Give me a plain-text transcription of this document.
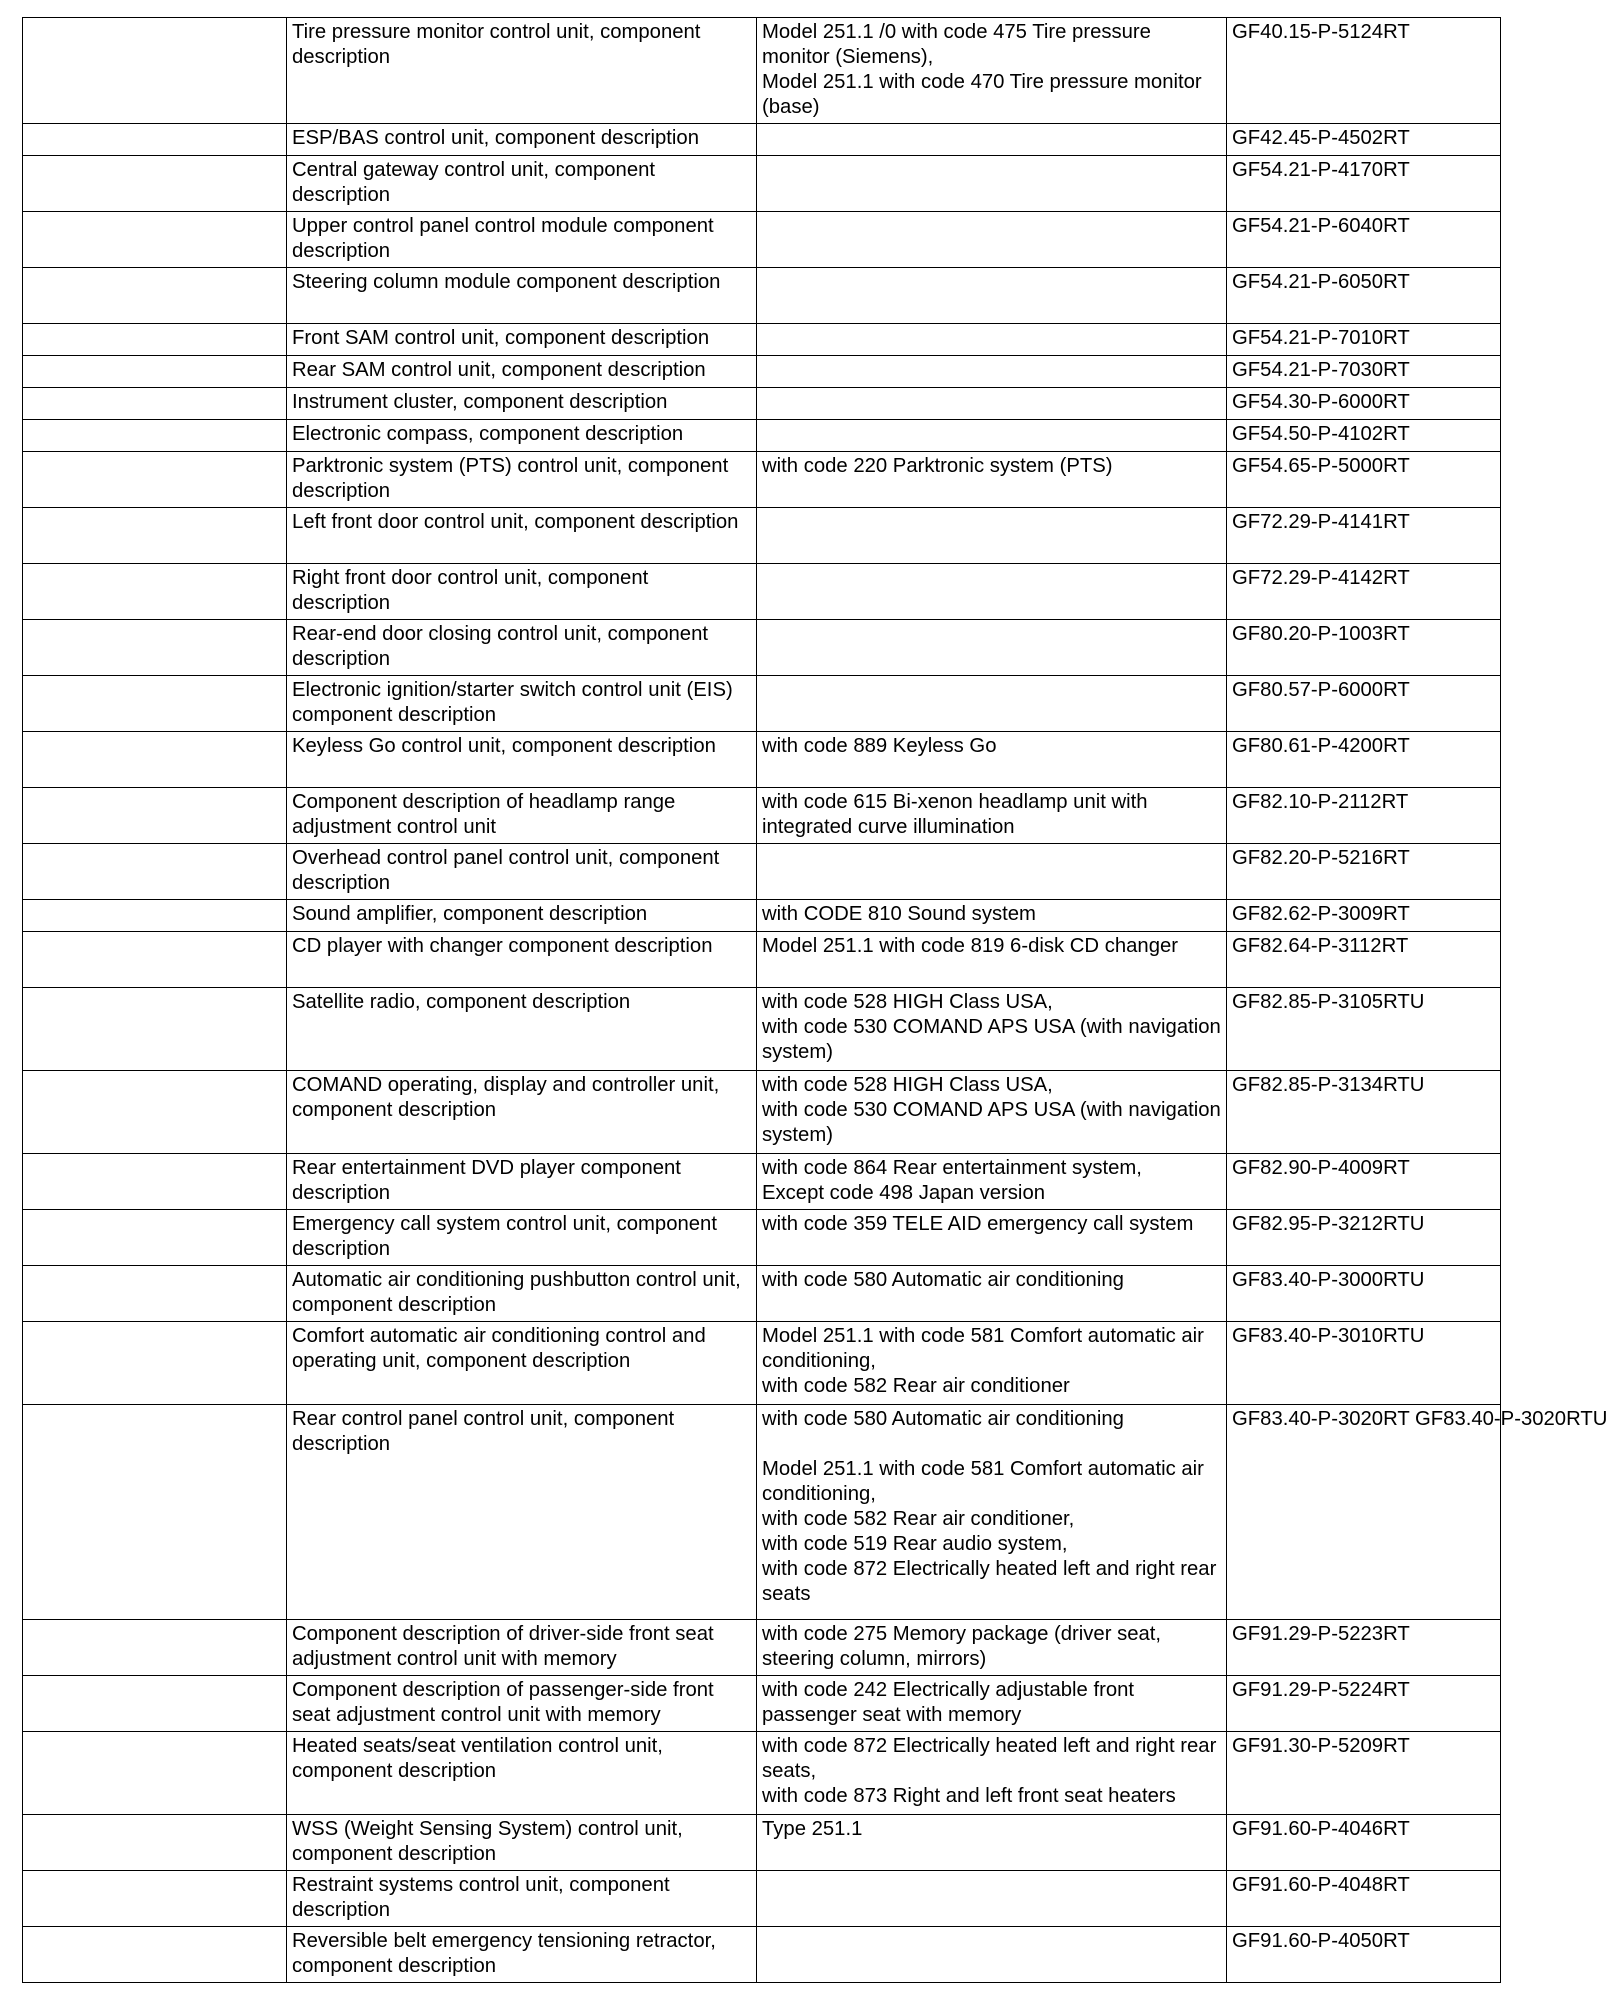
	Tire pressure monitor control unit, component description	Model 251.1 /0 with code 475 Tire pressure monitor (Siemens),
Model 251.1 with code 470 Tire pressure monitor (base)	GF40.15-P-5124RT
	ESP/BAS control unit, component description		GF42.45-P-4502RT
	Central gateway control unit, component description		GF54.21-P-4170RT
	Upper control panel control module component description		GF54.21-P-6040RT
	Steering column module component description		GF54.21-P-6050RT
	Front SAM control unit, component description		GF54.21-P-7010RT
	Rear SAM control unit, component description		GF54.21-P-7030RT
	Instrument cluster, component description		GF54.30-P-6000RT
	Electronic compass, component description		GF54.50-P-4102RT
	Parktronic system (PTS) control unit, component description	with code 220 Parktronic system (PTS)	GF54.65-P-5000RT
	Left front door control unit, component description		GF72.29-P-4141RT
	Right front door control unit, component description		GF72.29-P-4142RT
	Rear-end door closing control unit, component description		GF80.20-P-1003RT
	Electronic ignition/starter switch control unit (EIS) component description		GF80.57-P-6000RT
	Keyless Go control unit, component description	with code 889 Keyless Go	GF80.61-P-4200RT
	Component description of headlamp range adjustment control unit	with code 615 Bi-xenon headlamp unit with integrated curve illumination	GF82.10-P-2112RT
	Overhead control panel control unit, component description		GF82.20-P-5216RT
	Sound amplifier, component description	with CODE 810 Sound system	GF82.62-P-3009RT
	CD player with changer component description	Model 251.1 with code 819 6-disk CD changer	GF82.64-P-3112RT
	Satellite radio, component description	with code 528 HIGH Class USA,
with code 530 COMAND APS USA (with navigation system)	GF82.85-P-3105RTU
	COMAND operating, display and controller unit, component description	with code 528 HIGH Class USA,
with code 530 COMAND APS USA (with navigation system)	GF82.85-P-3134RTU
	Rear entertainment DVD player component description	with code 864 Rear entertainment system,
Except code 498 Japan version	GF82.90-P-4009RT
	Emergency call system control unit, component description	with code 359 TELE AID emergency call system	GF82.95-P-3212RTU
	Automatic air conditioning pushbutton control unit, component description	with code 580 Automatic air conditioning	GF83.40-P-3000RTU
	Comfort automatic air conditioning control and operating unit, component description	Model 251.1 with code 581 Comfort automatic air conditioning,
with code 582 Rear air conditioner	GF83.40-P-3010RTU
	Rear control panel control unit, component description	with code 580 Automatic air conditioning

Model 251.1 with code 581 Comfort automatic air conditioning,
with code 582 Rear air conditioner,
with code 519 Rear audio system,
with code 872 Electrically heated left and right rear seats	GF83.40-P-3020RT GF83.40-P-3020RTU
	Component description of driver-side front seat adjustment control unit with memory	with code 275 Memory package (driver seat, steering column, mirrors)	GF91.29-P-5223RT
	Component description of passenger-side front seat adjustment control unit with memory	with code 242 Electrically adjustable front passenger seat with memory	GF91.29-P-5224RT
	Heated seats/seat ventilation control unit, component description	with code 872 Electrically heated left and right rear seats,
with code 873 Right and left front seat heaters	GF91.30-P-5209RT
	WSS (Weight Sensing System) control unit, component description	Type 251.1	GF91.60-P-4046RT
	Restraint systems control unit, component description		GF91.60-P-4048RT
	Reversible belt emergency tensioning retractor, component description		GF91.60-P-4050RT
